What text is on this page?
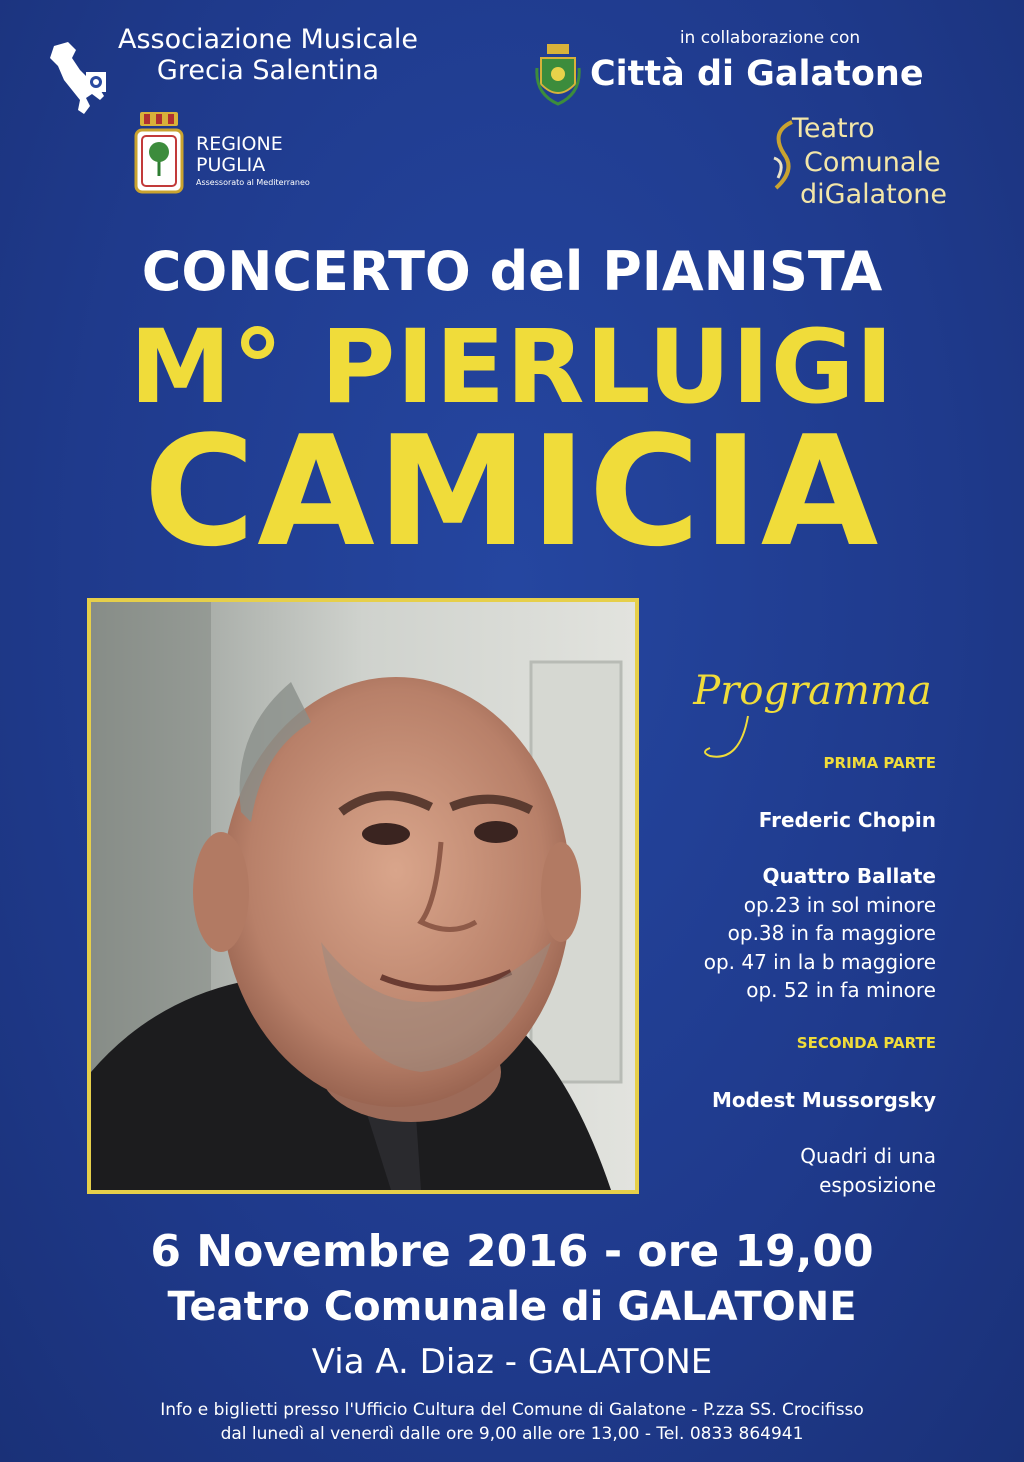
Associazione Musicale
Grecia Salentina
REGIONE
PUGLIA
Assessorato al Mediterraneo
in collaborazione con
Città di Galatone
Teatro
Comunale
diGalatone
CONCERTO del PIANISTA
M° PIERLUIGI
CAMICIA
Programma
PRIMA PARTE
Frederic Chopin
Quattro Ballate
op.23 in sol minore
op.38 in fa maggiore
op. 47 in la b maggiore
op. 52 in fa minore
SECONDA PARTE
Modest Mussorgsky
Quadri di una
esposizione
6 Novembre 2016 - ore 19,00
Teatro Comunale di GALATONE
Via A. Diaz - GALATONE
Info e biglietti presso l'Ufficio Cultura del Comune di Galatone - P.zza SS. Crocifisso
dal lunedì al venerdì dalle ore 9,00 alle ore 13,00 - Tel. 0833 864941
